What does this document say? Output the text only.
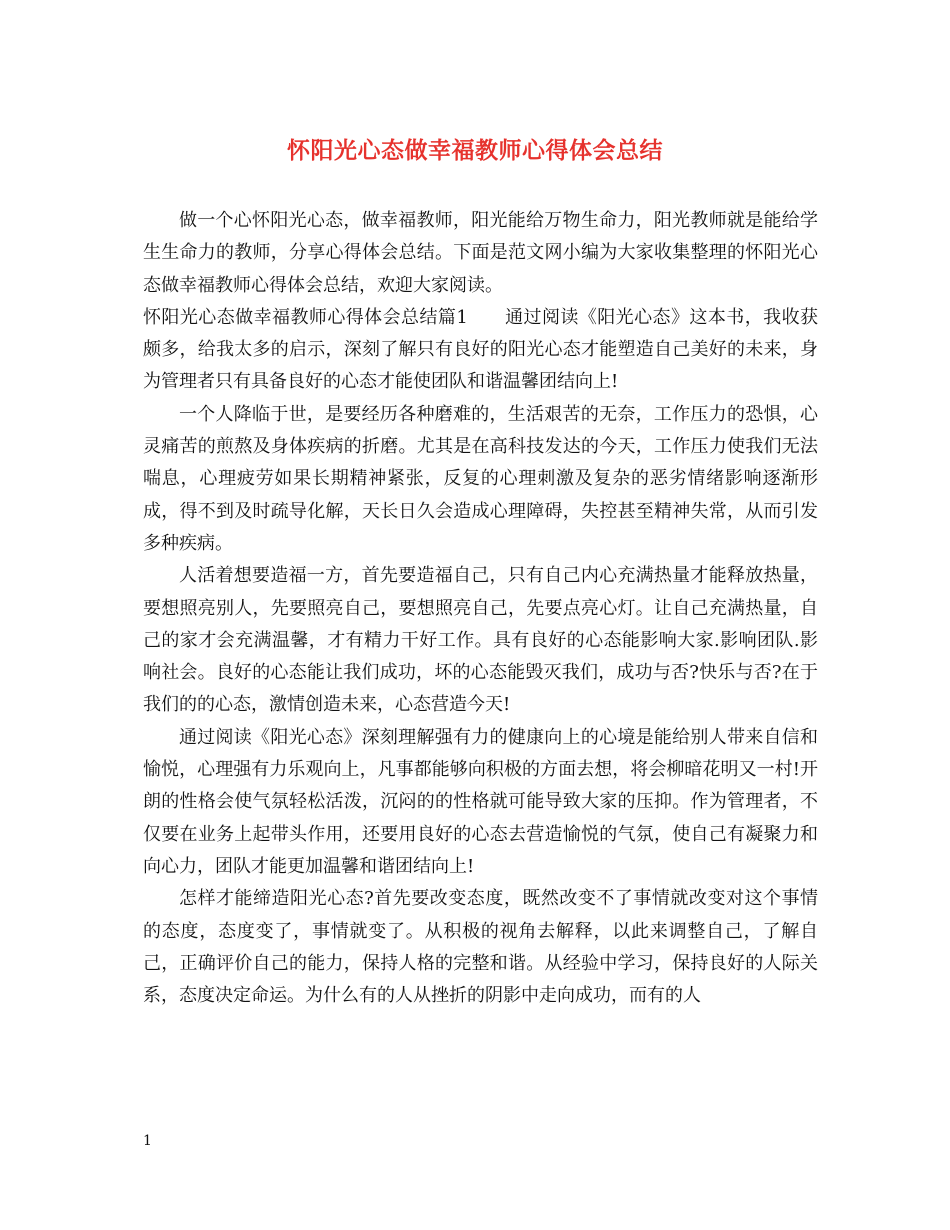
怀阳光心态做幸福教师心得体会总结

做一个心怀阳光心态，做幸福教师，阳光能给万物生命力，阳光教师就是能给学生生命力的教师，分享心得体会总结。下面是范文网小编为大家收集整理的怀阳光心态做幸福教师心得体会总结，欢迎大家阅读。

怀阳光心态做幸福教师心得体会总结篇1　　通过阅读《阳光心态》这本书，我收获颇多，给我太多的启示，深刻了解只有良好的阳光心态才能塑造自己美好的未来，身为管理者只有具备良好的心态才能使团队和谐温馨团结向上!

一个人降临于世，是要经历各种磨难的，生活艰苦的无奈，工作压力的恐惧，心灵痛苦的煎熬及身体疾病的折磨。尤其是在高科技发达的今天，工作压力使我们无法喘息，心理疲劳如果长期精神紧张，反复的心理刺激及复杂的恶劣情绪影响逐渐形成，得不到及时疏导化解，天长日久会造成心理障碍，失控甚至精神失常，从而引发多种疾病。

人活着想要造福一方，首先要造福自己，只有自己内心充满热量才能释放热量，要想照亮别人，先要照亮自己，要想照亮自己，先要点亮心灯。让自己充满热量，自己的家才会充满温馨，才有精力干好工作。具有良好的心态能影响大家.影响团队.影响社会。良好的心态能让我们成功，坏的心态能毁灭我们，成功与否?快乐与否?在于我们的的心态，激情创造未来，心态营造今天!

通过阅读《阳光心态》深刻理解强有力的健康向上的心境是能给别人带来自信和愉悦，心理强有力乐观向上，凡事都能够向积极的方面去想，将会柳暗花明又一村!开朗的性格会使气氛轻松活泼，沉闷的的性格就可能导致大家的压抑。作为管理者，不仅要在业务上起带头作用，还要用良好的心态去营造愉悦的气氛，使自己有凝聚力和向心力，团队才能更加温馨和谐团结向上!

怎样才能缔造阳光心态?首先要改变态度，既然改变不了事情就改变对这个事情的态度，态度变了，事情就变了。从积极的视角去解释，以此来调整自己，了解自己，正确评价自己的能力，保持人格的完整和谐。从经验中学习，保持良好的人际关系，态度决定命运。为什么有的人从挫折的阴影中走向成功，而有的人

1
